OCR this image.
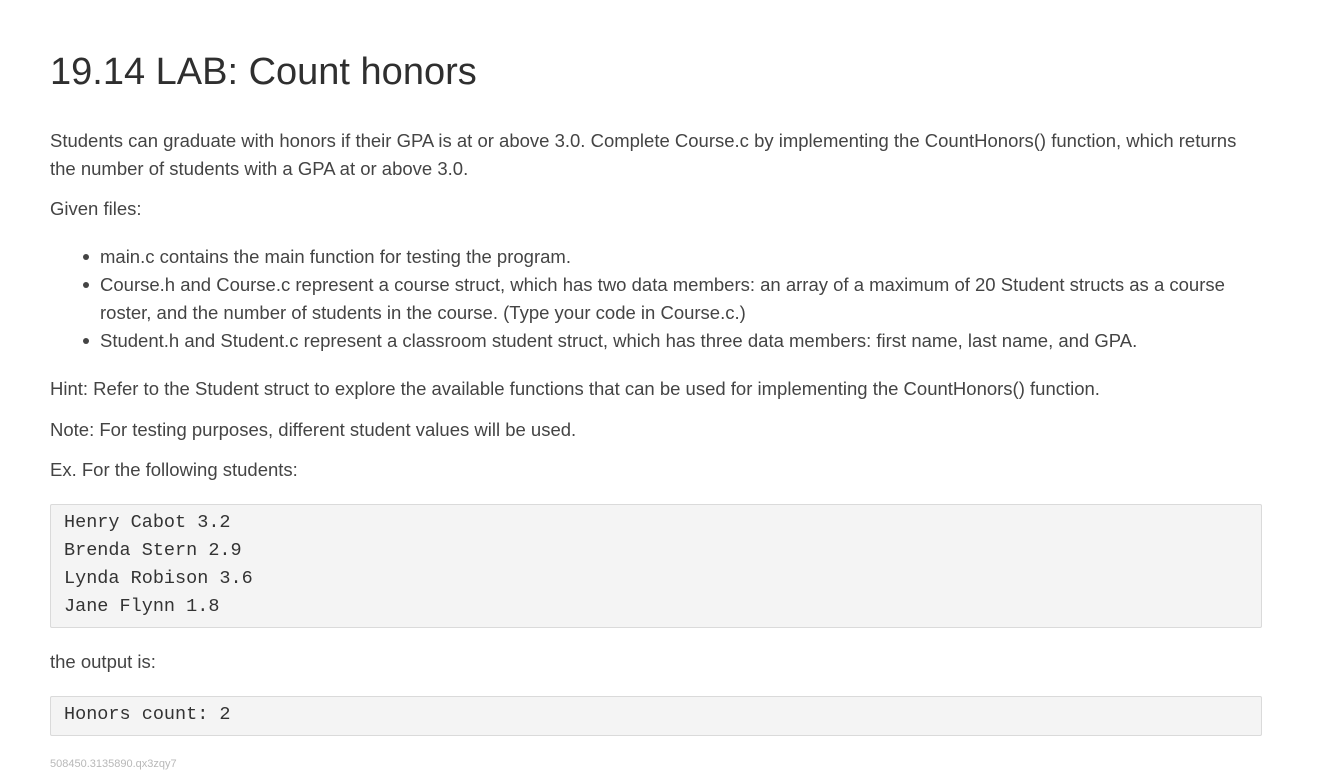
19.14 LAB: Count honors

Students can graduate with honors if their GPA is at or above 3.0. Complete Course.c by implementing the CountHonors() function, which returns the number of students with a GPA at or above 3.0.

Given files:

main.c contains the main function for testing the program.
Course.h and Course.c represent a course struct, which has two data members: an array of a maximum of 20 Student structs as a course roster, and the number of students in the course. (Type your code in Course.c.)
Student.h and Student.c represent a classroom student struct, which has three data members: first name, last name, and GPA.

Hint: Refer to the Student struct to explore the available functions that can be used for implementing the CountHonors() function.

Note: For testing purposes, different student values will be used.

Ex. For the following students:

Henry Cabot 3.2
Brenda Stern 2.9
Lynda Robison 3.6
Jane Flynn 1.8

the output is:

Honors count: 2
508450.3135890.qx3zqy7
